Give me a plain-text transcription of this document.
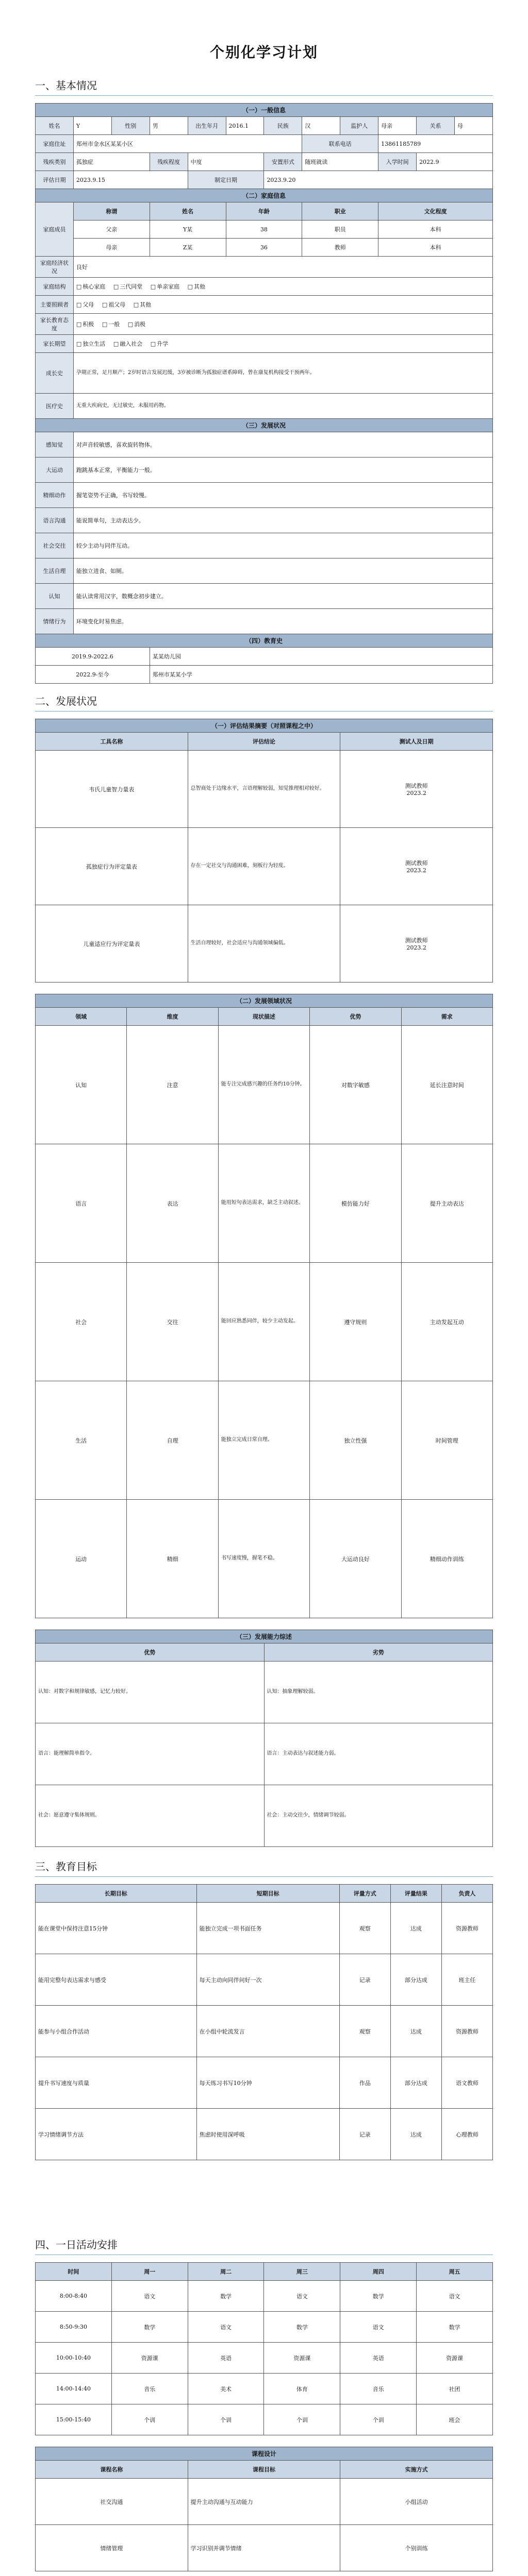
个别化学习计划
一、基本情况
（一）一般信息											
姓名	Y	性别	男	出生年月	2016.1	民族	汉	监护人	母亲	关系	母
家庭住址	郑州市金水区某某小区						联系电话		13861185789		
残疾类别	孤独症		残疾程度	中度		安置形式	随班就读		入学时间	2022.9	
评估日期	2023.9.15			制定日期		2023.9.20					
（二）家庭信息											
家庭成员	称谓		姓名		年龄		职业		文化程度		
	父亲		Y某		38		职员		本科		
	母亲		Z某		36		教师		本科		
家庭经济状况	良好										
家庭结构	□ 核心家庭 □ 三代同堂 □ 单亲家庭 □ 其他
主要照顾者	□ 父母 □ 祖父母 □ 其他
家长教育态度	□ 积极 □ 一般 □ 消极
家长期望	□ 独立生活 □ 融入社会 □ 升学
成长史	孕期正常，足月顺产；2岁时语言发展迟缓，3岁被诊断为孤独症谱系障碍，曾在康复机构接受干预两年。										
医疗史	无重大疾病史，无过敏史，未服用药物。										
（三）发展状况											
感知觉	对声音较敏感，喜欢旋转物体。										
大运动	跑跳基本正常，平衡能力一般。										
精细动作	握笔姿势不正确，书写较慢。										
语言沟通	能说简单句，主动表达少。										
社会交往	较少主动与同伴互动。										
生活自理	能独立进食、如厕。										
认知	能认读常用汉字，数概念初步建立。										
情绪行为	环境变化时易焦虑。										
（四）教育史											
2019.9-2022.6			某某幼儿园								
2022.9-至今			郑州市某某小学								
二、发展状况
（一）评估结果摘要（对照课程之中）		
工具名称	评估结论	测试人及日期
韦氏儿童智力量表	总智商处于边缘水平，言语理解较弱，知觉推理相对较好。	测试教师
2023.2
孤独症行为评定量表	存在一定社交与沟通困难，刻板行为轻度。	测试教师
2023.2
儿童适应行为评定量表	生活自理较好，社会适应与沟通领域偏低。	测试教师
2023.2
（二）发展领域状况				
领域	维度	现状描述	优势	需求
认知	注意	能专注完成感兴趣的任务约10分钟。	对数字敏感	延长注意时间
语言	表达	能用短句表达需求，缺乏主动叙述。	模仿能力好	提升主动表达
社会	交往	能回应熟悉同伴，较少主动发起。	遵守规则	主动发起互动
生活	自理	能独立完成日常自理。	独立性强	时间管理
运动	精细	书写速度慢，握笔不稳。	大运动良好	精细动作训练
（三）发展能力综述	
优势	劣势
认知：对数字和规律敏感，记忆力较好。	认知：抽象理解较弱。
语言：能理解简单指令。	语言：主动表达与叙述能力弱。
社会：愿意遵守集体规则。	社会：主动交往少，情绪调节较弱。
三、教育目标
长期目标	短期目标	评量方式	评量结果	负责人
能在课堂中保持注意15分钟	能独立完成一项书面任务	观察	达成	资源教师
能用完整句表达需求与感受	每天主动向同伴问好一次	记录	部分达成	班主任
能参与小组合作活动	在小组中轮流发言	观察	达成	资源教师
提升书写速度与质量	每天练习书写10分钟	作品	部分达成	语文教师
学习情绪调节方法	焦虑时使用深呼吸	记录	达成	心理教师
四、一日活动安排
时间	周一	周二	周三	周四	周五
8:00-8:40	语文	数学	语文	数学	语文
8:50-9:30	数学	语文	数学	语文	数学
10:00-10:40	资源课	英语	资源课	英语	资源课
14:00-14:40	音乐	美术	体育	音乐	社团
15:00-15:40	个训	个训	个训	个训	班会
课程设计		
课程名称	课程目标	实施方式
社交沟通	提升主动沟通与互动能力	小组活动
情绪管理	学习识别并调节情绪	个别训练
